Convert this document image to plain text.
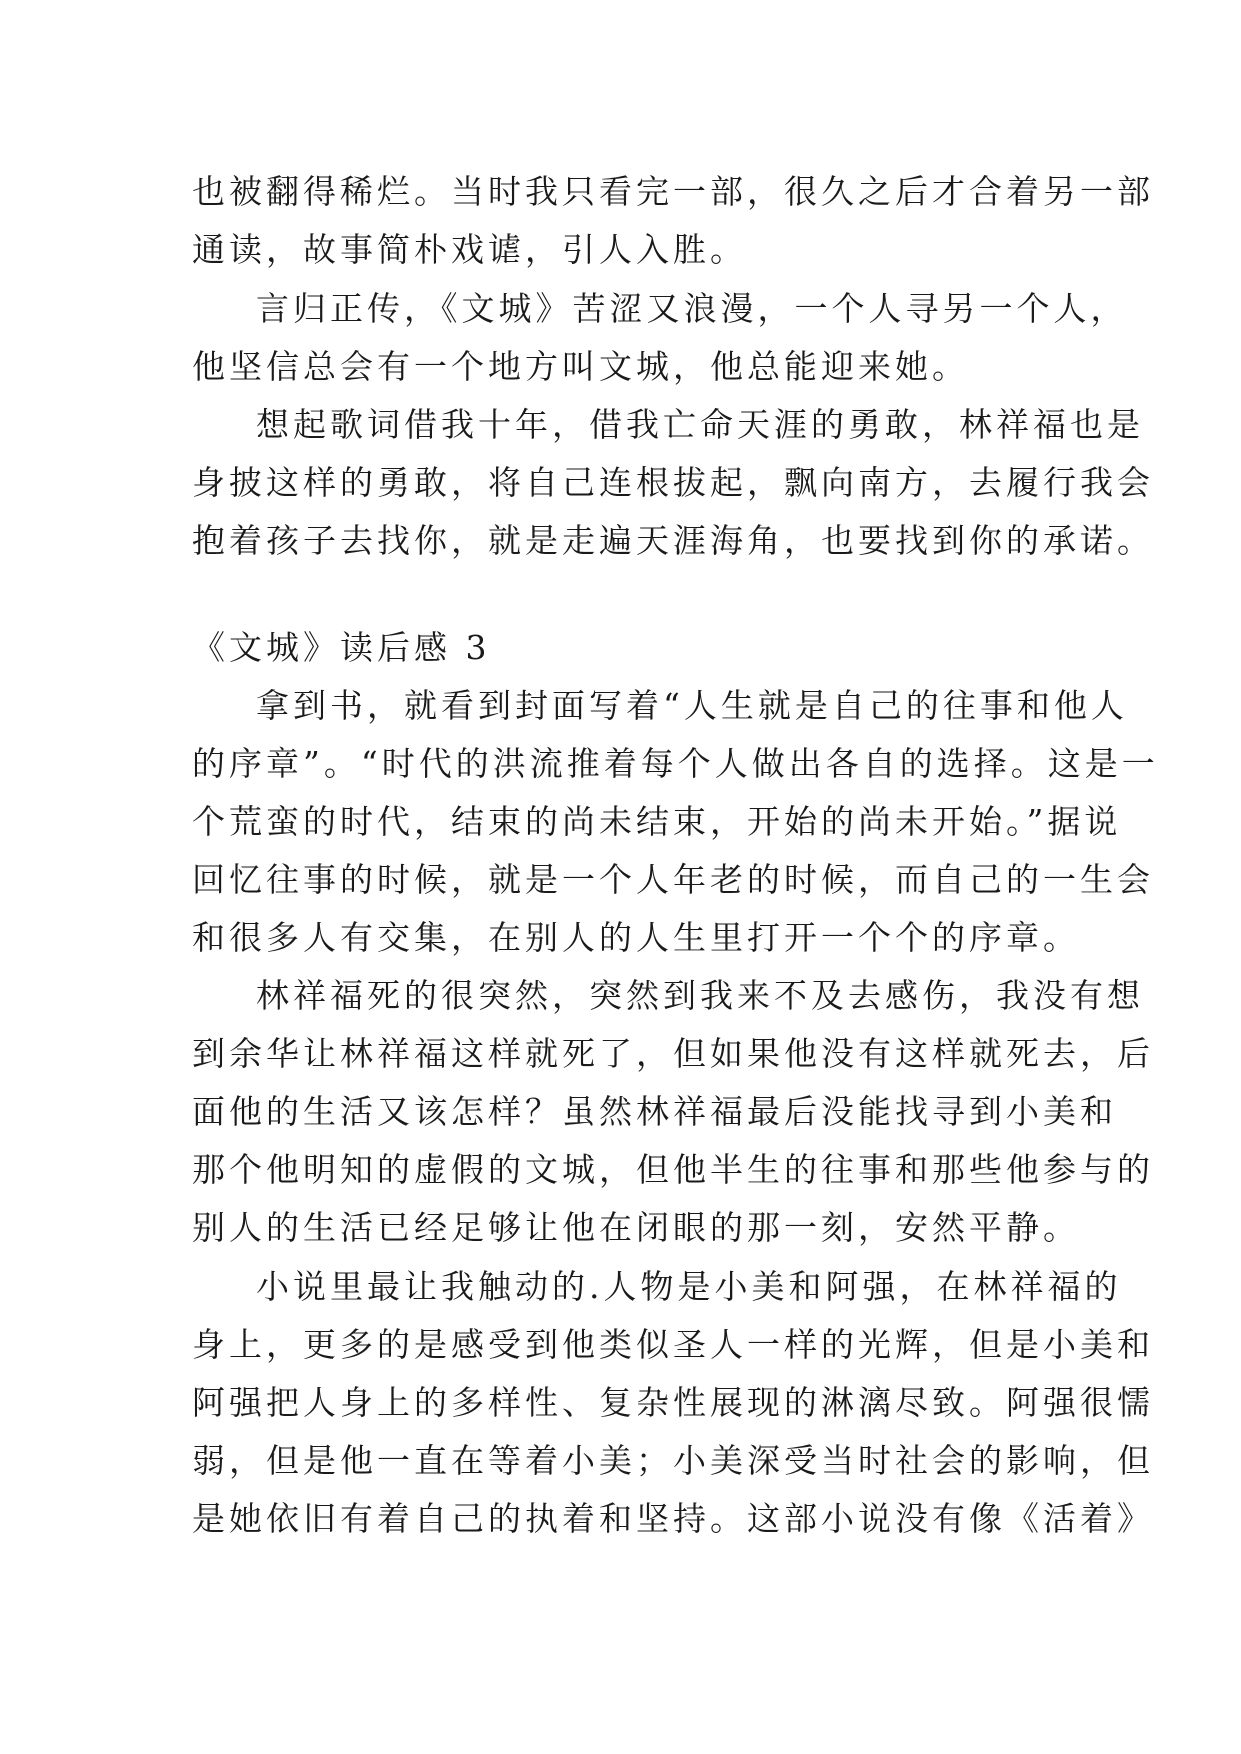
也被翻得稀烂。当时我只看完一部，很久之后才合着另一部
通读，故事简朴戏谑，引人入胜。
言归正传，《文城》苦涩又浪漫，一个人寻另一个人，
他坚信总会有一个地方叫文城，他总能迎来她。
想起歌词借我十年，借我亡命天涯的勇敢，林祥福也是
身披这样的勇敢，将自己连根拔起，飘向南方，去履行我会
抱着孩子去找你，就是走遍天涯海角，也要找到你的承诺。
《文城》读后感 3
拿到书，就看到封面写着“人生就是自己的往事和他人
的序章”。“时代的洪流推着每个人做出各自的选择。这是一
个荒蛮的时代，结束的尚未结束，开始的尚未开始。”据说
回忆往事的时候，就是一个人年老的时候，而自己的一生会
和很多人有交集，在别人的人生里打开一个个的序章。
林祥福死的很突然，突然到我来不及去感伤，我没有想
到余华让林祥福这样就死了，但如果他没有这样就死去，后
面他的生活又该怎样？虽然林祥福最后没能找寻到小美和
那个他明知的虚假的文城，但他半生的往事和那些他参与的
别人的生活已经足够让他在闭眼的那一刻，安然平静。
小说里最让我触动的.人物是小美和阿强，在林祥福的
身上，更多的是感受到他类似圣人一样的光辉，但是小美和
阿强把人身上的多样性、复杂性展现的淋漓尽致。阿强很懦
弱，但是他一直在等着小美；小美深受当时社会的影响，但
是她依旧有着自己的执着和坚持。这部小说没有像《活着》
